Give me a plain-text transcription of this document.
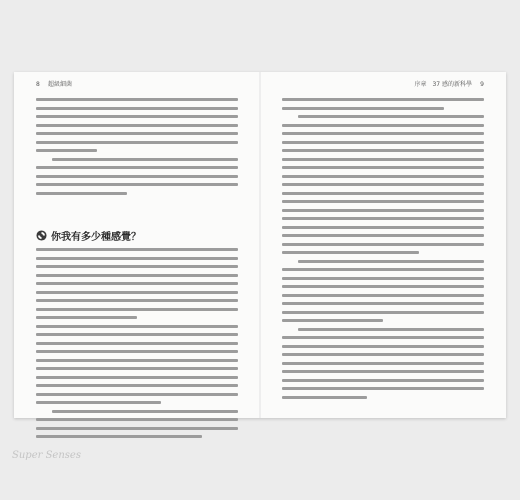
8 超級細菌
你我有多少種感覺？
序章　37 感的新科學 9
Super Senses
